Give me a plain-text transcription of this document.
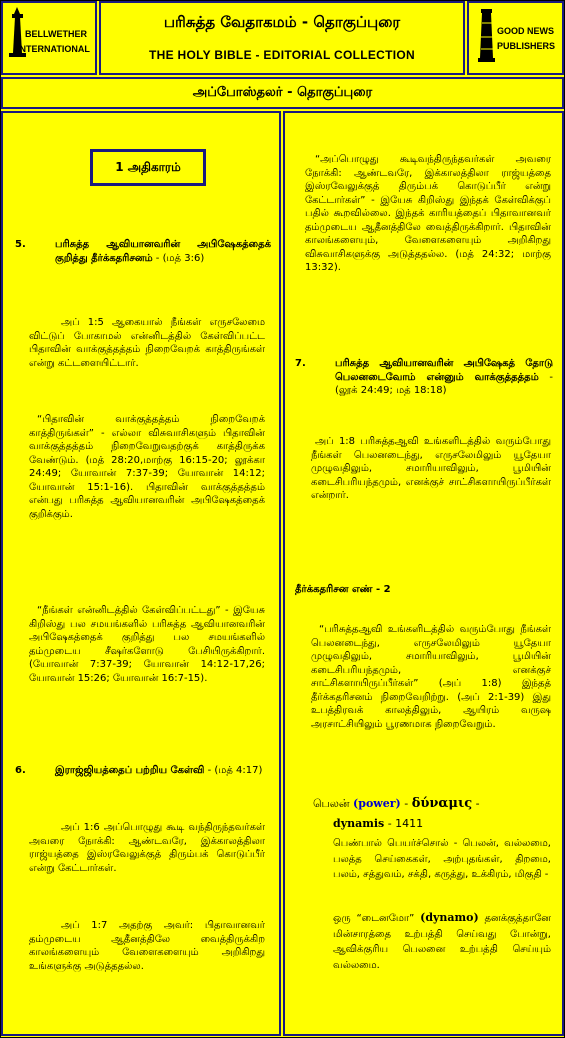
BELLWETHER
INTERNATIONAL
பரிசுத்த வேதாகமம் - தொகுப்புரை
THE HOLY BIBLE - EDITORIAL COLLECTION
GOOD NEWS
PUBLISHERS
அப்போஸ்தலர் - தொகுப்புரை
1 அதிகாரம்
5.	பரிசுத்த ஆவியானவரின் அபிஷேகத்தைக் குறித்து தீர்க்கதரிசனம் - (மத் 3:6)
அப் 1:5 ஆகையால் நீங்கள் எருசலேமை விட்டுப் போகாமல் என்னிடத்தில் கேள்விப்பட்ட பிதாவின் வாக்குத்தத்தம் நிறைவேறக் காத்திருங்கள் என்று கட்டளையிட்டார்.
“பிதாவின் வாக்குத்தத்தம் நிறைவேறக் காத்திருங்கள்” - எல்லா விசுவாசிகளும் பிதாவின் வாக்குத்தத்தம் நிறைவேறுவதற்குக் காத்திருக்க வேண்டும். (மத் 28:20,மாற்கு 16:15-20; லூக்கா 24:49; யோவான் 7:37-39; யோவான் 14:12; யோவான் 15:1-16). பிதாவின் வாக்குத்தத்தம் என்பது பரிசுத்த ஆவியானவரின் அபிஷேகத்தைக் குறிக்கும்.
“நீங்கள் என்னிடத்தில் கேள்விப்பட்டது” - இயேசு கிறிஸ்து பல சமயங்களில் பரிசுத்த ஆவியானவரின் அபிஷேகத்தைக் குறித்து பல சமயங்களில் தம்முடைய சீஷர்களோடு பேசியிருக்கிறார். (யோவான் 7:37-39; யோவான் 14:12-17,26; யோவான் 15:26; யோவான் 16:7-15).
6.	இராஜ்ஜியத்தைப் பற்றிய கேள்வி - (மத் 4:17)
அப் 1:6 அப்பொழுது கூடி வந்திருந்தவர்கள் அவரை நோக்கி: ஆண்டவரே, இக்காலத்திலா ராஜ்யத்தை இஸ்ரவேலுக்குத் திரும்பக் கொடுப்பீர் என்று கேட்டார்கள்.
அப் 1:7 அதற்கு அவர்: பிதாவானவர் தம்முடைய ஆதீனத்திலே வைத்திருக்கிற காலங்களையும் வேளைகளையும் அறிகிறது உங்களுக்கு அடுத்ததல்ல.
“அப்பொழுது கூடிவந்திருந்தவர்கள் அவரை நோக்கி: ஆண்டவரே, இக்காலத்திலா ராஜ்யத்தை இஸ்ரவேலுக்குத் திரும்பக் கொடுப்பீர் என்று கேட்டார்கள்” - இயேசு கிறிஸ்து இந்தக் கேள்விக்குப் பதில் கூறவில்லை. இந்தக் காரியத்தைப் பிதாவானவர் தம்முடைய ஆதீனத்திலே வைத்திருக்கிறார். பிதாவின் காலங்களையும், வேளைகளையும் அறிகிறது விசுவாசிகளுக்கு அடுத்ததல்ல. (மத் 24:32; மாற்கு 13:32).
7.	பரிசுத்த ஆவியானவரின் அபிஷேகத் தோடு பெலனடைவோம் என்னும் வாக்குத்தத்தம் - (லூக் 24:49; மத் 18:18)
அப் 1:8 பரிசுத்தஆவி உங்களிடத்தில் வரும்போது நீங்கள் பெலனடைந்து, எருசலேமிலும் யூதேயா முழுவதிலும், சமாரியாவிலும், பூமியின் கடைசிபரியந்தமும், எனக்குச் சாட்சிகளாயிருப்பீர்கள் என்றார்.
தீர்க்கதரிசன எண் - 2
“பரிசுத்தஆவி உங்களிடத்தில் வரும்போது நீங்கள் பெலனடைந்து, எருசலேமிலும் யூதேயா முழுவதிலும், சமாரியாவிலும், பூமியின் கடைசிபரியந்தமும், எனக்குச் சாட்சிகளாயிருப்பீர்கள்” (அப் 1:8) இந்தத் தீர்க்கதரிசனம் நிறைவேறிற்று. (அப் 2:1-39) இது உபத்திரவக் காலத்திலும், ஆயிரம் வருஷ அரசாட்சியிலும் பூரணமாக நிறைவேறும்.
பெலன் (power) - δύναμις -
dynamis - 1411
பெண்பால் பெயர்ச்சொல் - பெலன், வல்லமை, பலத்த செய்கைகள், அற்புதங்கள், திறமை, பலம், சத்துவம், சக்தி, கருத்து, உக்கிரம், மிகுதி -
ஒரு “டைனமோ” (dynamo) தனக்குத்தானே மின்சாரத்தை உற்பத்தி செய்வது போன்று, ஆவிக்குரிய பெலனை உற்பத்தி செய்யும் வல்லமை.
